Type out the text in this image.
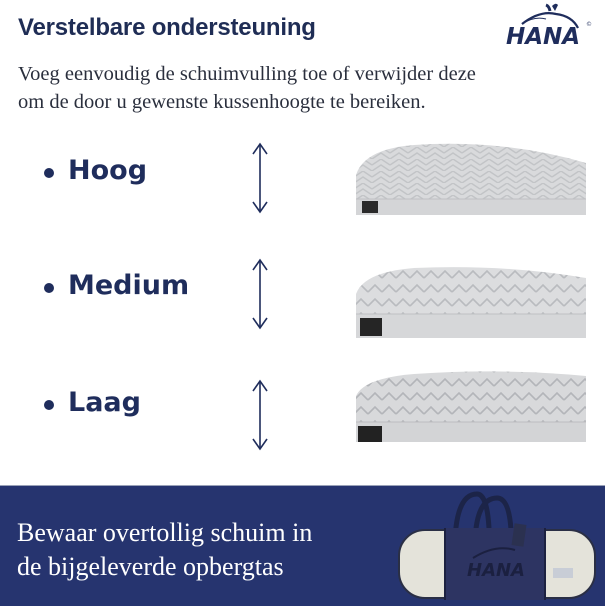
Verstelbare ondersteuning	HANA ©
Voeg eenvoudig de schuimvulling toe of verwijder deze
om de door u gewenste kussenhoogte te bereiken.
Hoog
Medium
Laag
Bewaar overtollig schuim in
de bijgeleverde opbergtas	HANA
